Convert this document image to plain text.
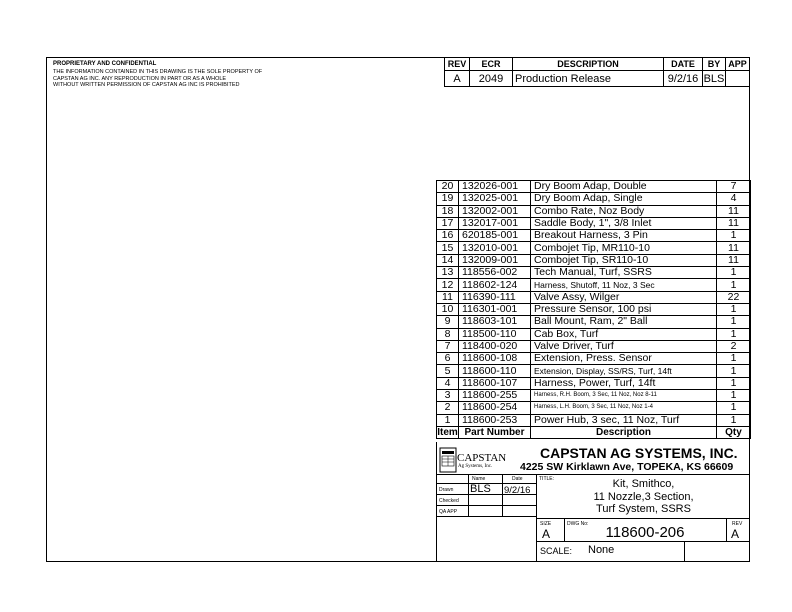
PROPRIETARY AND CONFIDENTIAL
THE INFORMATION CONTAINED IN THIS DRAWING IS THE SOLE PROPERTY OF
CAPSTAN AG INC. ANY REPRODUCTION IN PART OR AS A WHOLE
WITHOUT WRITTEN PERMISSION OF CAPSTAN AG INC IS PROHIBITED
REV	ECR	DESCRIPTION	DATE	BY	APP
A	2049	Production Release	9/2/16	BLS	
20	132026-001	Dry Boom Adap, Double	7
19	132025-001	Dry Boom Adap, Single	4
18	132002-001	Combo Rate, Noz Body	11
17	132017-001	Saddle Body, 1", 3/8 Inlet	11
16	620185-001	Breakout Harness, 3 Pin	1
15	132010-001	Combojet Tip, MR110-10	11
14	132009-001	Combojet Tip, SR110-10	11
13	118556-002	Tech Manual, Turf, SSRS	1
12	118602-124	Harness, Shutoff, 11 Noz, 3 Sec	1
11	116390-111	Valve Assy, Wilger	22
10	116301-001	Pressure Sensor, 100 psi	1
9	118603-101	Ball Mount, Ram, 2" Ball	1
8	118500-110	Cab Box, Turf	1
7	118400-020	Valve Driver, Turf	2
6	118600-108	Extension, Press. Sensor	1
5	118600-110	Extension, Display, SS/RS, Turf, 14ft	1
4	118600-107	Harness, Power, Turf, 14ft	1
3	118600-255	Harness, R.H. Boom, 3 Sec, 11 Noz, Noz 8-11	1
2	118600-254	Harness, L.H. Boom, 3 Sec, 11 Noz, Noz 1-4	1
1	118600-253	Power Hub, 3 sec, 11 Noz, Turf	1
Item	Part Number	Description	Qty
CAPSTAN
Ag Systems, Inc.
CAPSTAN AG SYSTEMS, INC.
4225 SW Kirklawn Ave, TOPEKA, KS 66609
Name	Date
Drawn BLS 9/2/16
Checked
QA APP
TITLE:	Kit, Smithco,
11 Nozzle,3 Section,
Turf System, SSRS
SIZE
A
DWG No:	118600-206	REV
A
SCALE: None
